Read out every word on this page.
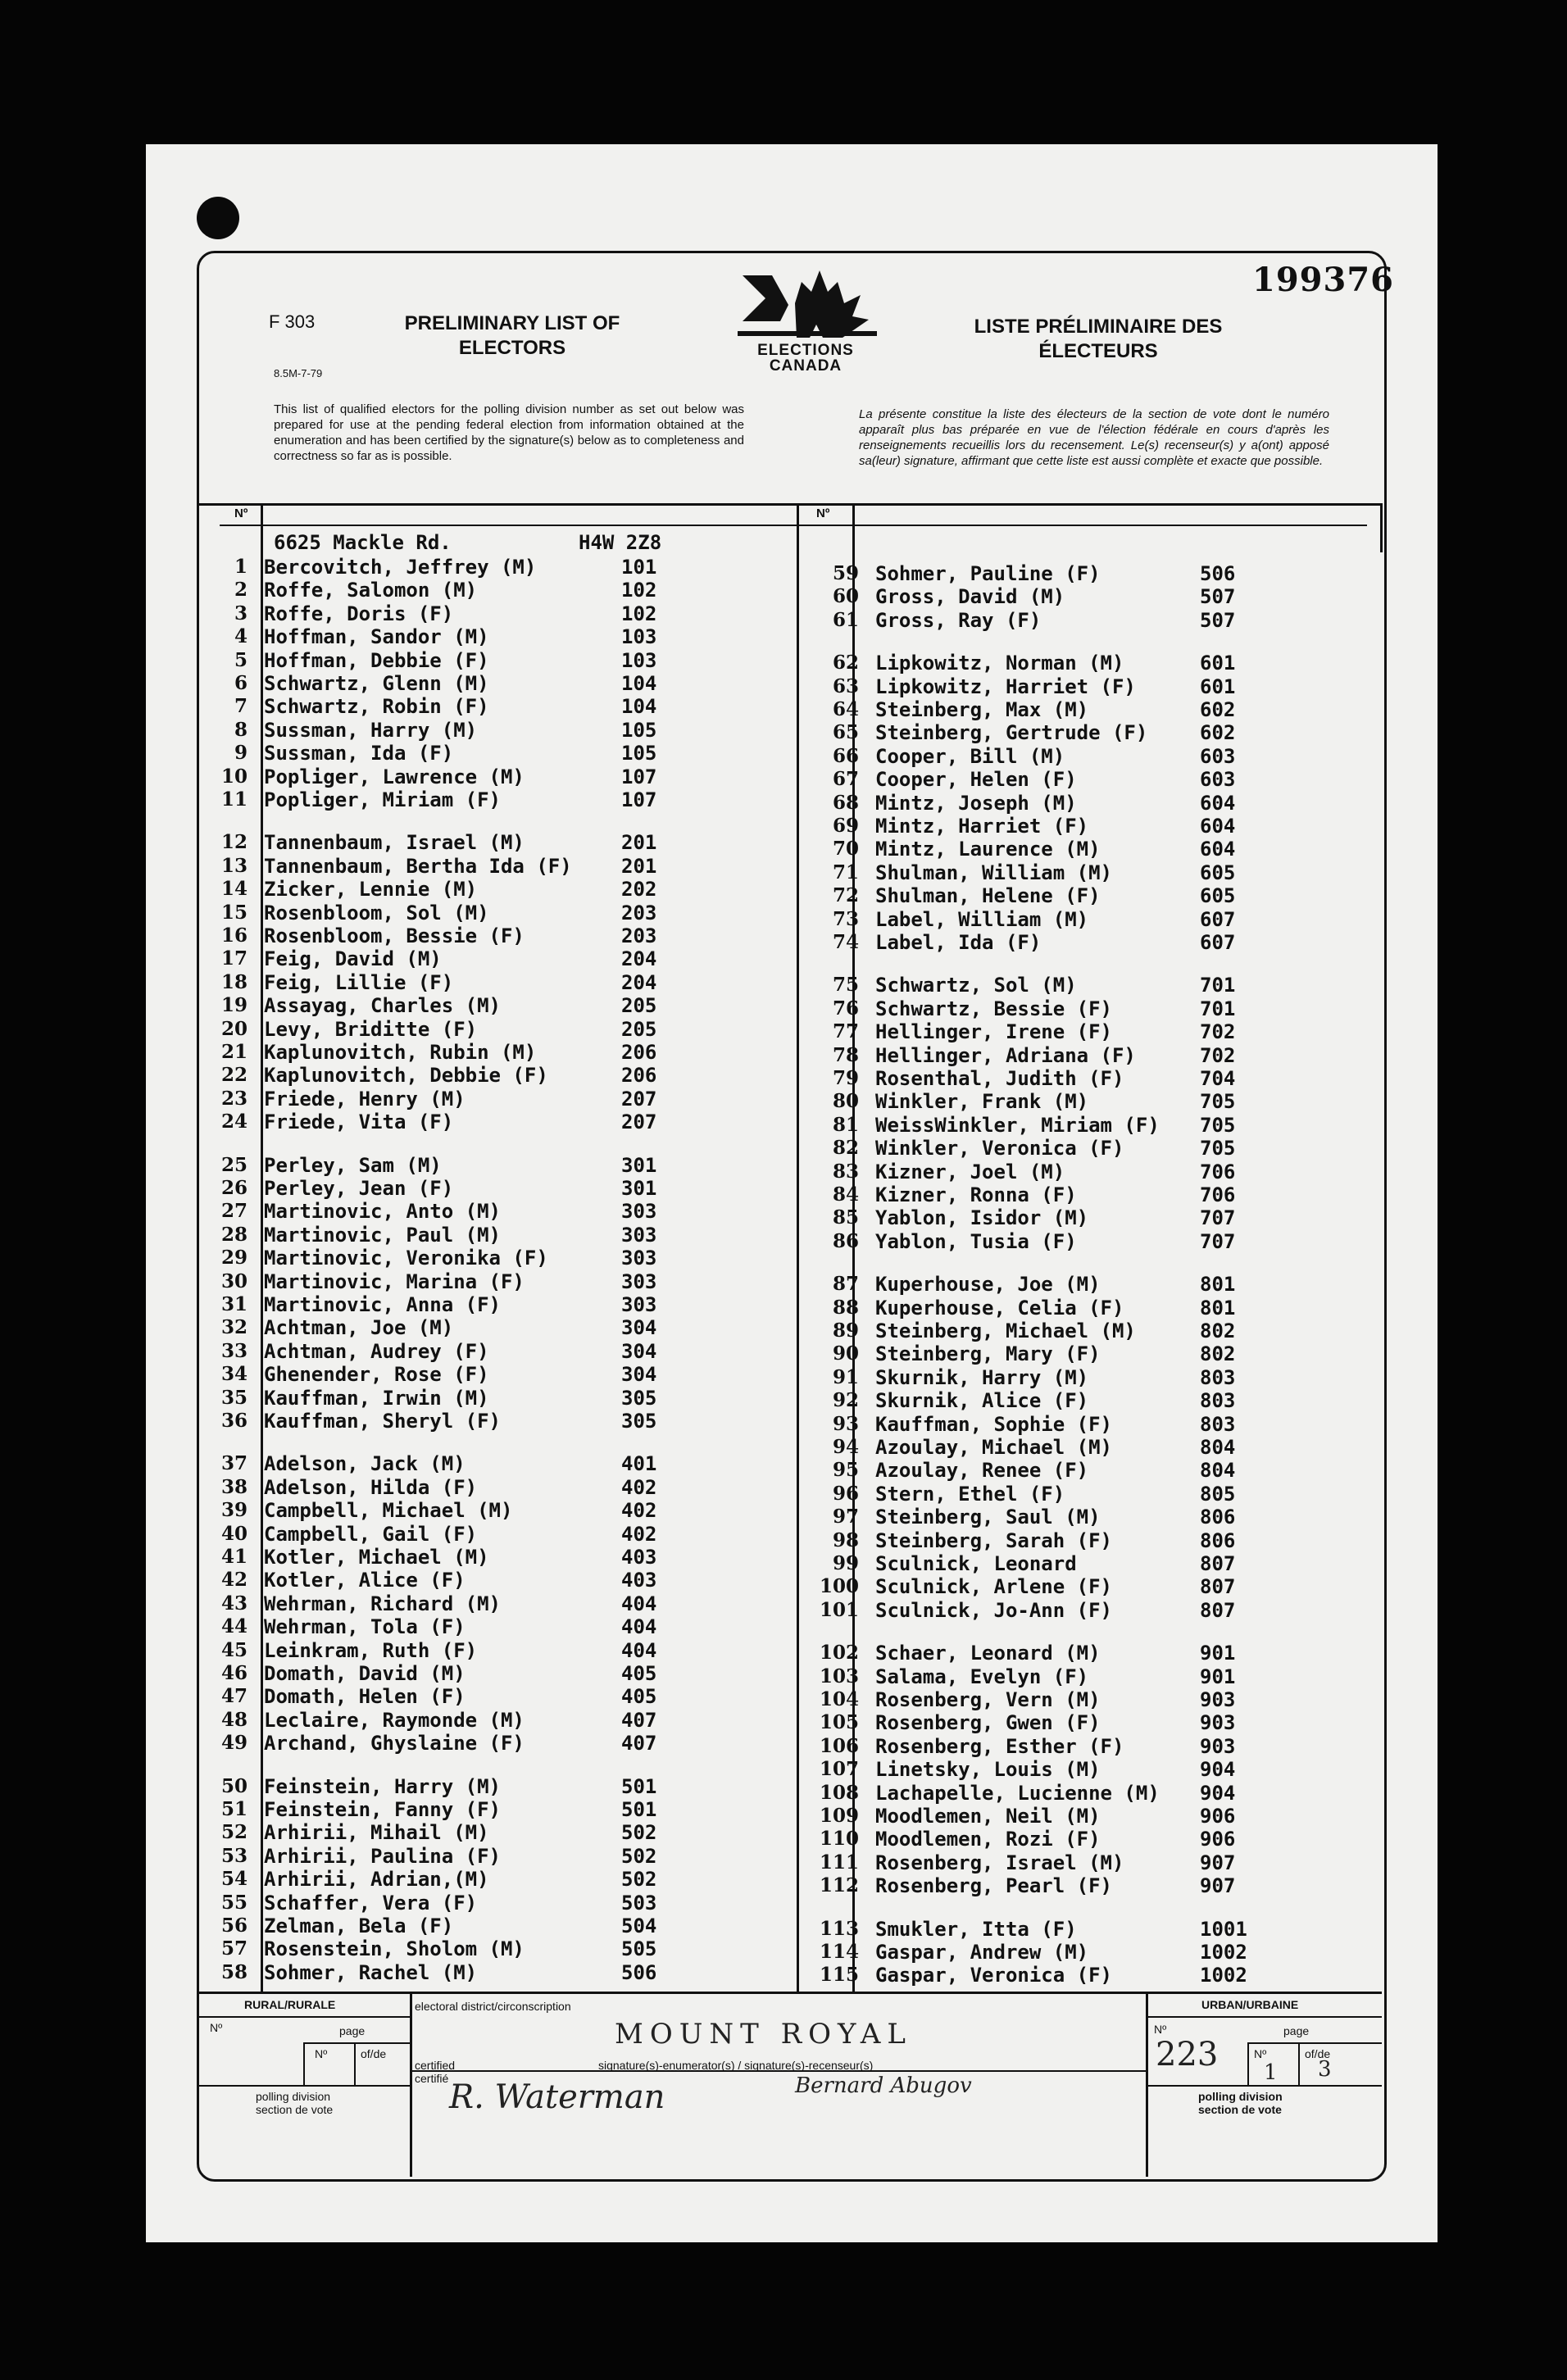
199376
F 303
8.5M-7-79
PRELIMINARY LIST OF
ELECTORS	ELECTIONS
CANADA
LISTE PRÉLIMINAIRE DES
ÉLECTEURS
This list of qualified electors for the polling division number as set out below was prepared for use at the pending federal election from information obtained at the enumeration and has been certified by the signature(s) below as to completeness and correctness so far as is possible.
La présente constitue la liste des électeurs de la section de vote dont le numéro apparaît plus bas préparée en vue de l'élection fédérale en cours d'après les renseignements recueillis lors du recensement. Le(s) recenseur(s) y a(ont) apposé sa(leur) signature, affirmant que cette liste est aussi complète et exacte que possible.
Nº	Nº
6625 Mackle Rd.	H4W 2Z8
1 Bercovitch, Jeffrey (M)	101
2 Roffe, Salomon (M)	102
3 Roffe, Doris (F)	102
4 Hoffman, Sandor (M)	103
5 Hoffman, Debbie (F)	103
6 Schwartz, Glenn (M)	104
7 Schwartz, Robin (F)	104
8 Sussman, Harry (M)	105
9 Sussman, Ida (F)	105
10 Popliger, Lawrence (M)	107
11 Popliger, Miriam (F)	107
12 Tannenbaum, Israel (M)	201
13 Tannenbaum, Bertha Ida (F)	201
14 Zicker, Lennie (M)	202
15 Rosenbloom, Sol (M)	203
16 Rosenbloom, Bessie (F)	203
17 Feig, David (M)	204
18 Feig, Lillie (F)	204
19 Assayag, Charles (M)	205
20 Levy, Briditte (F)	205
21 Kaplunovitch, Rubin (M)	206
22 Kaplunovitch, Debbie (F)	206
23 Friede, Henry (M)	207
24 Friede, Vita (F)	207
25 Perley, Sam (M)	301
26 Perley, Jean (F)	301
27 Martinovic, Anto (M)	303
28 Martinovic, Paul (M)	303
29 Martinovic, Veronika (F)	303
30 Martinovic, Marina (F)	303
31 Martinovic, Anna (F)	303
32 Achtman, Joe (M)	304
33 Achtman, Audrey (F)	304
34 Ghenender, Rose (F)	304
35 Kauffman, Irwin (M)	305
36 Kauffman, Sheryl (F)	305
37 Adelson, Jack (M)	401
38 Adelson, Hilda (F)	402
39 Campbell, Michael (M)	402
40 Campbell, Gail (F)	402
41 Kotler, Michael (M)	403
42 Kotler, Alice (F)	403
43 Wehrman, Richard (M)	404
44 Wehrman, Tola (F)	404
45 Leinkram, Ruth (F)	404
46 Domath, David (M)	405
47 Domath, Helen (F)	405
48 Leclaire, Raymonde (M)	407
49 Archand, Ghyslaine (F)	407
50 Feinstein, Harry (M)	501
51 Feinstein, Fanny (F)	501
52 Arhirii, Mihail (M)	502
53 Arhirii, Paulina (F)	502
54 Arhirii, Adrian,(M)	502
55 Schaffer, Vera (F)	503
56 Zelman, Bela (F)	504
57 Rosenstein, Sholom (M)	505
58 Sohmer, Rachel (M)	506
59 Sohmer, Pauline (F)	506
60 Gross, David (M)	507
61 Gross, Ray (F)	507
62 Lipkowitz, Norman (M)	601
63 Lipkowitz, Harriet (F)	601
64 Steinberg, Max (M)	602
65 Steinberg, Gertrude (F)	602
66 Cooper, Bill (M)	603
67 Cooper, Helen (F)	603
68 Mintz, Joseph (M)	604
69 Mintz, Harriet (F)	604
70 Mintz, Laurence (M)	604
71 Shulman, William (M)	605
72 Shulman, Helene (F)	605
73 Label, William (M)	607
74 Label, Ida (F)	607
75 Schwartz, Sol (M)	701
76 Schwartz, Bessie (F)	701
77 Hellinger, Irene (F)	702
78 Hellinger, Adriana (F)	702
79 Rosenthal, Judith (F)	704
80 Winkler, Frank (M)	705
81 WeissWinkler, Miriam (F) 705
82 Winkler, Veronica (F)	705
83 Kizner, Joel (M)	706
84 Kizner, Ronna (F)	706
85 Yablon, Isidor (M)	707
86 Yablon, Tusia (F)	707
87 Kuperhouse, Joe (M)	801
88 Kuperhouse, Celia (F)	801
89 Steinberg, Michael (M)	802
90 Steinberg, Mary (F)	802
91 Skurnik, Harry (M)	803
92 Skurnik, Alice (F)	803
93 Kauffman, Sophie (F)	803
94 Azoulay, Michael (M)	804
95 Azoulay, Renee (F)	804
96 Stern, Ethel (F)	805
97 Steinberg, Saul (M)	806
98 Steinberg, Sarah (F)	806
99 Sculnick, Leonard	807
100 Sculnick, Arlene (F)	807
101 Sculnick, Jo-Ann (F)	807
102 Schaer, Leonard (M)	901
103 Salama, Evelyn (F)	901
104 Rosenberg, Vern (M)	903
105 Rosenberg, Gwen (F)	903
106 Rosenberg, Esther (F)	903
107 Linetsky, Louis (M)	904
108 Lachapelle, Lucienne (M) 904
109 Moodlemen, Neil (M)	906
110 Moodlemen, Rozi (F)	906
111 Rosenberg, Israel (M)	907
112 Rosenberg, Pearl (F)	907
113 Smukler, Itta (F)	1001
114 Gaspar, Andrew (M)	1002
115 Gaspar, Veronica (F)	1002
RURAL/RURALE
Nº	page
Nº	of/de
polling division
section de vote
electoral district/circonscription
MOUNT ROYAL
certified
certifié
signature(s)-enumerator(s) / signature(s)-recenseur(s)
R. Waterman	Bernard Abugov
URBAN/URBAINE
Nº
223
page
Nº	of/de
1 3
polling division
section de vote
